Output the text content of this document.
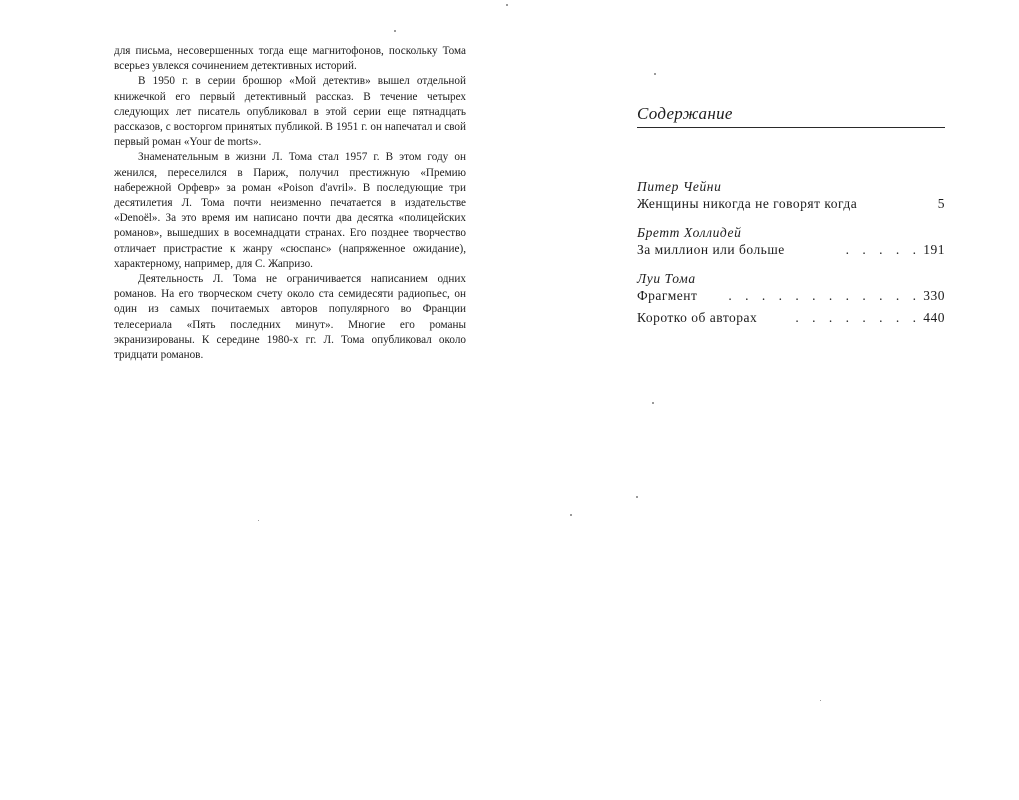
для письма, несовершенных тогда еще магнитофонов, поскольку Тома всерьез увлекся сочинением детективных историй.

В 1950 г. в серии брошюр «Мой детектив» вышел отдельной книжечкой его первый детективный рассказ. В течение четырех следующих лет писатель опубликовал в этой серии еще пятнадцать рассказов, с восторгом принятых публикой. В 1951 г. он напечатал и свой первый роман «Your de morts».

Знаменательным в жизни Л. Тома стал 1957 г. В этом году он женился, переселился в Париж, получил престижную «Премию набережной Орфевр» за роман «Poison d'avril». В последующие три десятилетия Л. Тома почти неизменно печатается в издательстве «Denoël». За это время им написано почти два десятка «полицейских романов», вышедших в восемнадцати странах. Его позднее творчество отличает пристрастие к жанру «сюспанс» (напряженное ожидание), характерному, например, для С. Жапризо.

Деятельность Л. Тома не ограничивается написанием одних романов. На его творческом счету около ста семидесяти радиопьес, он один из самых почитаемых авторов популярного во Франции телесериала «Пять последних минут». Многие его романы экранизированы. К середине 1980-х гг. Л. Тома опубликовал около тридцати романов.

Содержание
Питер Чейни
Женщины никогда не говорят когда	5
Бретт Холлидей
За миллион или больше	. . . . . 191
Луи Тома
Фрагмент	. . . . . . . . . . . . 330
Коротко об авторах	. . . . . . . . 440
